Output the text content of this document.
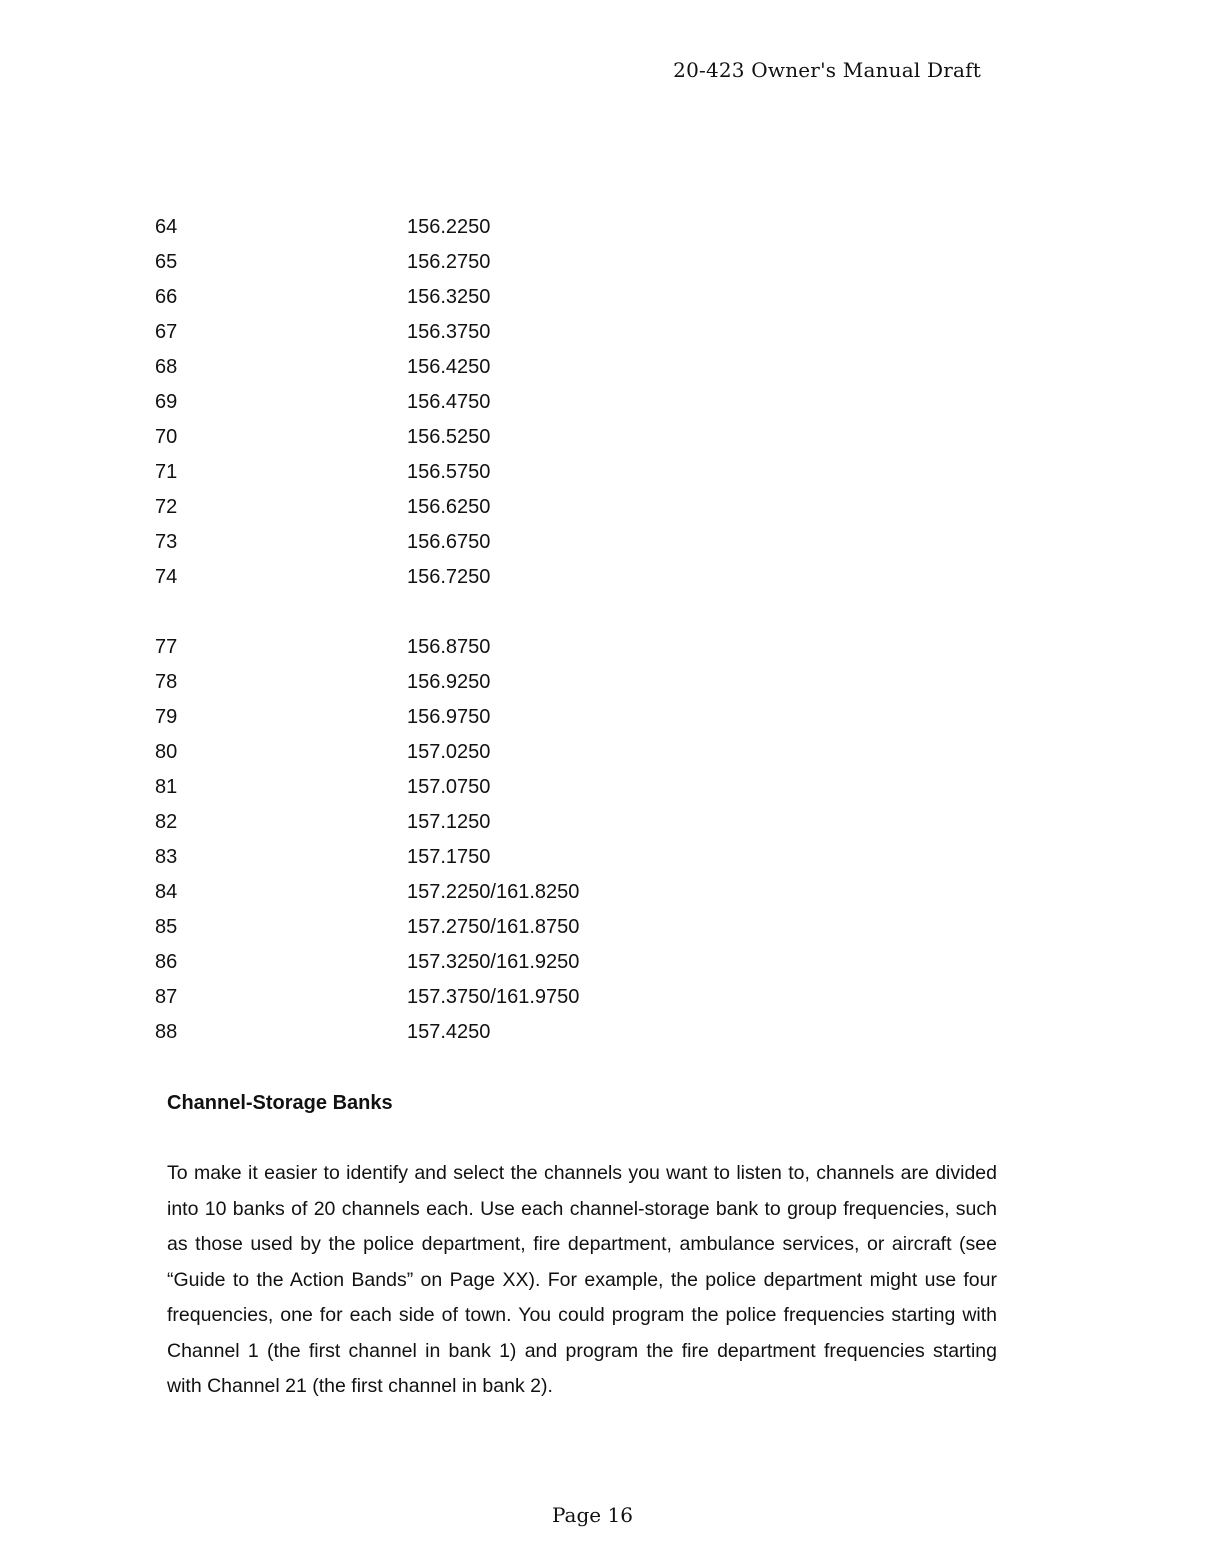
20-423 Owner's Manual Draft
64	156.2250
65	156.2750
66	156.3250
67	156.3750
68	156.4250
69	156.4750
70	156.5250
71	156.5750
72	156.6250
73	156.6750
74	156.7250
77	156.8750
78	156.9250
79	156.9750
80	157.0250
81	157.0750
82	157.1250
83	157.1750
84	157.2250/161.8250
85	157.2750/161.8750
86	157.3250/161.9250
87	157.3750/161.9750
88	157.4250
Channel-Storage Banks
To make it easier to identify and select the channels you want to listen to, channels are divided into 10 banks of 20 channels each. Use each channel-storage bank to group frequencies, such as those used by the police department, fire department, ambulance services, or aircraft (see “Guide to the Action Bands” on Page XX). For example, the police department might use four frequencies, one for each side of town. You could program the police frequencies starting with Channel 1 (the first channel in bank 1) and program the fire department frequencies starting with Channel 21 (the first channel in bank 2).
Page 16
